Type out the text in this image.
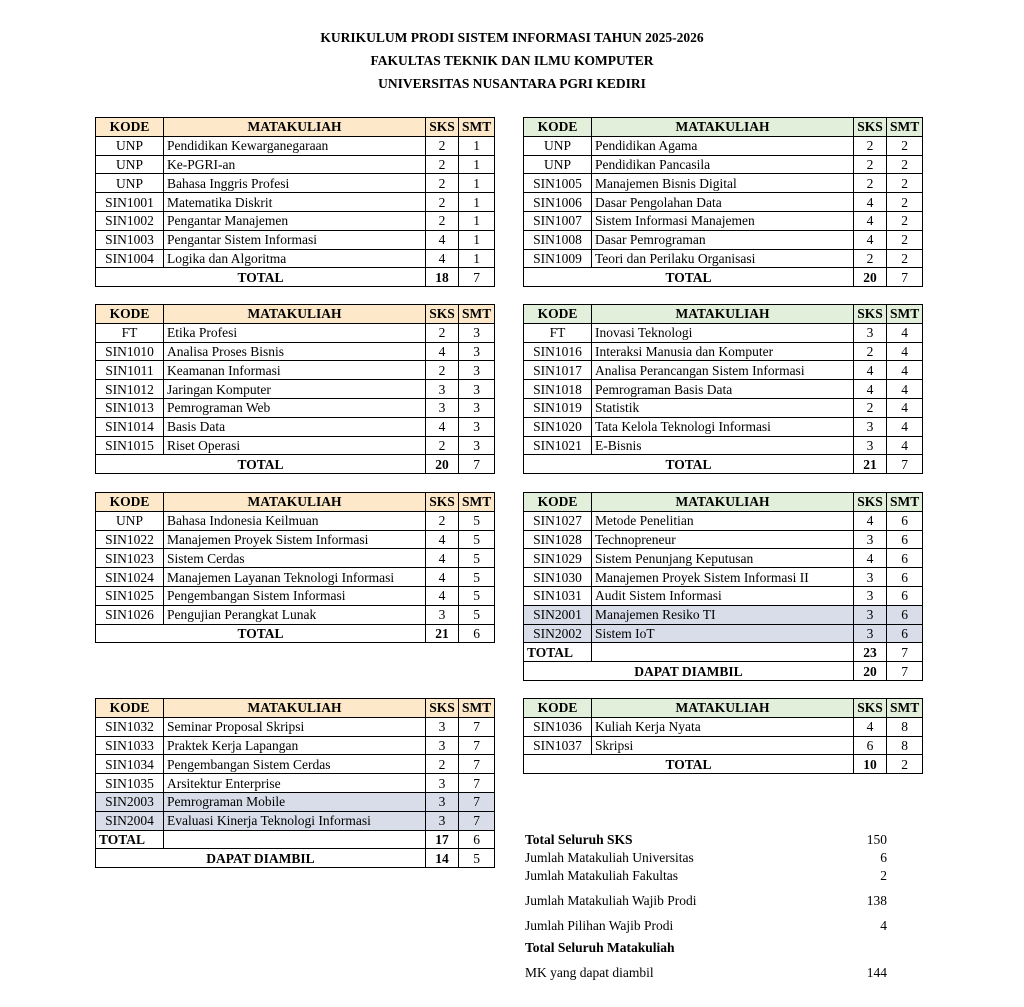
KURIKULUM PRODI SISTEM INFORMASI TAHUN 2025-2026
FAKULTAS TEKNIK DAN ILMU KOMPUTER
UNIVERSITAS NUSANTARA PGRI KEDIRI
KODE	MATAKULIAH	SKS	SMT
UNP	Pendidikan Kewarganegaraan	2	1
UNP	Ke-PGRI-an	2	1
UNP	Bahasa Inggris Profesi	2	1
SIN1001	Matematika Diskrit	2	1
SIN1002	Pengantar Manajemen	2	1
SIN1003	Pengantar Sistem Informasi	4	1
SIN1004	Logika dan Algoritma	4	1
TOTAL		18	7
KODE	MATAKULIAH	SKS	SMT
UNP	Pendidikan Agama	2	2
UNP	Pendidikan Pancasila	2	2
SIN1005	Manajemen Bisnis Digital	2	2
SIN1006	Dasar Pengolahan Data	4	2
SIN1007	Sistem Informasi Manajemen	4	2
SIN1008	Dasar Pemrograman	4	2
SIN1009	Teori dan Perilaku Organisasi	2	2
TOTAL		20	7
KODE	MATAKULIAH	SKS	SMT
FT	Etika Profesi	2	3
SIN1010	Analisa Proses Bisnis	4	3
SIN1011	Keamanan Informasi	2	3
SIN1012	Jaringan Komputer	3	3
SIN1013	Pemrograman Web	3	3
SIN1014	Basis Data	4	3
SIN1015	Riset Operasi	2	3
TOTAL		20	7
KODE	MATAKULIAH	SKS	SMT
FT	Inovasi Teknologi	3	4
SIN1016	Interaksi Manusia dan Komputer	2	4
SIN1017	Analisa Perancangan Sistem Informasi	4	4
SIN1018	Pemrograman Basis Data	4	4
SIN1019	Statistik	2	4
SIN1020	Tata Kelola Teknologi Informasi	3	4
SIN1021	E-Bisnis	3	4
TOTAL		21	7
KODE	MATAKULIAH	SKS	SMT
UNP	Bahasa Indonesia Keilmuan	2	5
SIN1022	Manajemen Proyek Sistem Informasi	4	5
SIN1023	Sistem Cerdas	4	5
SIN1024	Manajemen Layanan Teknologi Informasi	4	5
SIN1025	Pengembangan Sistem Informasi	4	5
SIN1026	Pengujian Perangkat Lunak	3	5
TOTAL		21	6
KODE	MATAKULIAH	SKS	SMT
SIN1027	Metode Penelitian	4	6
SIN1028	Technopreneur	3	6
SIN1029	Sistem Penunjang Keputusan	4	6
SIN1030	Manajemen Proyek Sistem Informasi II	3	6
SIN1031	Audit Sistem Informasi	3	6
SIN2001	Manajemen Resiko TI	3	6
SIN2002	Sistem IoT	3	6
TOTAL		23	7
DAPAT DIAMBIL		20	7
KODE	MATAKULIAH	SKS	SMT
SIN1032	Seminar Proposal Skripsi	3	7
SIN1033	Praktek Kerja Lapangan	3	7
SIN1034	Pengembangan Sistem Cerdas	2	7
SIN1035	Arsitektur Enterprise	3	7
SIN2003	Pemrograman Mobile	3	7
SIN2004	Evaluasi Kinerja Teknologi Informasi	3	7
TOTAL		17	6
DAPAT DIAMBIL		14	5
KODE	MATAKULIAH	SKS	SMT
SIN1036	Kuliah Kerja Nyata	4	8
SIN1037	Skripsi	6	8
TOTAL		10	2
Total Seluruh SKS	150
Jumlah Matakuliah Universitas	6
Jumlah Matakuliah Fakultas	2
Jumlah Matakuliah Wajib Prodi	138
Jumlah Pilihan Wajib Prodi	4
Total Seluruh Matakuliah
MK yang dapat diambil	144
